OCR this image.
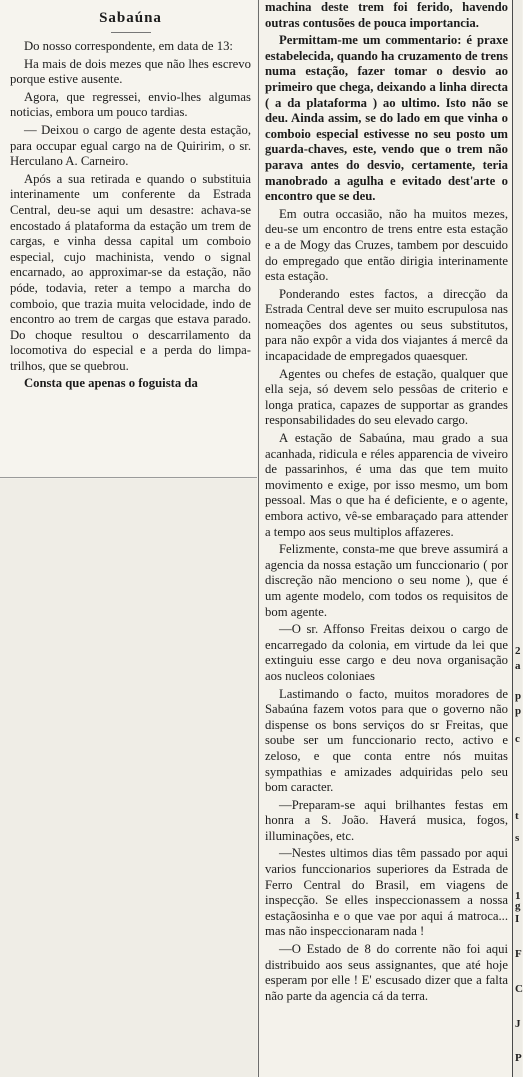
Sabaúna

Do nosso correspondente, em data de 13:

Ha mais de dois mezes que não lhes escrevo porque estive ausente.

Agora, que regressei, envio-lhes algumas noticias, embora um pouco tardias.

— Deixou o cargo de agente desta estação, para occupar egual cargo na de Quiririm, o sr. Herculano A. Carneiro.

Após a sua retirada e quando o substituia interinamente um conferente da Estrada Central, deu-se aqui um desastre: achava-se encostado á plataforma da estação um trem de cargas, e vinha dessa capital um comboio especial, cujo machinista, vendo o signal encarnado, ao approximar-se da estação, não póde, todavia, reter a tempo a marcha do comboio, que trazia muita velocidade, indo de encontro ao trem de cargas que estava parado. Do choque resultou o descarrilamento da locomotiva do especial e a perda do limpa-trilhos, que se quebrou.

Consta que apenas o foguista da

machina deste trem foi ferido, havendo outras contusões de pouca importancia.

Permittam-me um commentario: é praxe estabelecida, quando ha cruzamento de trens numa estação, fazer tomar o desvio ao primeiro que chega, deixando a linha directa ( a da plataforma ) ao ultimo. Isto não se deu. Ainda assim, se do lado em que vinha o comboio especial estivesse no seu posto um guarda-chaves, este, vendo que o trem não parava antes do desvio, certamente, teria manobrado a agulha e evitado dest'arte o encontro que se deu.

Em outra occasião, não ha muitos mezes, deu-se um encontro de trens entre esta estação e a de Mogy das Cruzes, tambem por descuido do empregado que então dirigia interinamente esta estação.

Ponderando estes factos, a direcção da Estrada Central deve ser muito escrupulosa nas nomeações dos agentes ou seus substitutos, para não expôr a vida dos viajantes á mercê da incapacidade de empregados quaesquer.

Agentes ou chefes de estação, qualquer que ella seja, só devem selo pessôas de criterio e longa pratica, capazes de supportar as grandes responsabilidades do seu elevado cargo.

A estação de Sabaúna, mau grado a sua acanhada, ridicula e réles apparencia de viveiro de passarinhos, é uma das que tem muito movimento e exige, por isso mesmo, um bom pessoal. Mas o que ha é deficiente, e o agente, embora activo, vê-se embaraçado para attender a tempo aos seus multiplos affazeres.

Felizmente, consta-me que breve assumirá a agencia da nossa estação um funccionario ( por discreção não menciono o seu nome ), que é um agente modelo, com todos os requisitos de bom agente.

—O sr. Affonso Freitas deixou o cargo de encarregado da colonia, em virtude da lei que extinguiu esse cargo e deu nova organisação aos nucleos coloniaes

Lastimando o facto, muitos moradores de Sabaúna fazem votos para que o governo não dispense os bons serviços do sr Freitas, que soube ser um funccionario recto, activo e zeloso, e que conta entre nós muitas sympathias e amizades adquiridas pelo seu bom caracter.

—Preparam-se aqui brilhantes festas em honra a S. João. Haverá musica, fogos, illuminações, etc.

—Nestes ultimos dias têm passado por aqui varios funccionarios superiores da Estrada de Ferro Central do Brasil, em viagens de inspecção. Se elles inspeccionassem a nossa estaçãosinha e o que vae por aqui á matroca... mas não inspeccionaram nada !

—O Estado de 8 do corrente não foi aqui distribuido aos seus assignantes, que até hoje esperam por elle ! E' escusado dizer que a falta não parte da agencia cá da terra.

2
a
p
p
c
t
s
1
g
I
F
C
J
P
